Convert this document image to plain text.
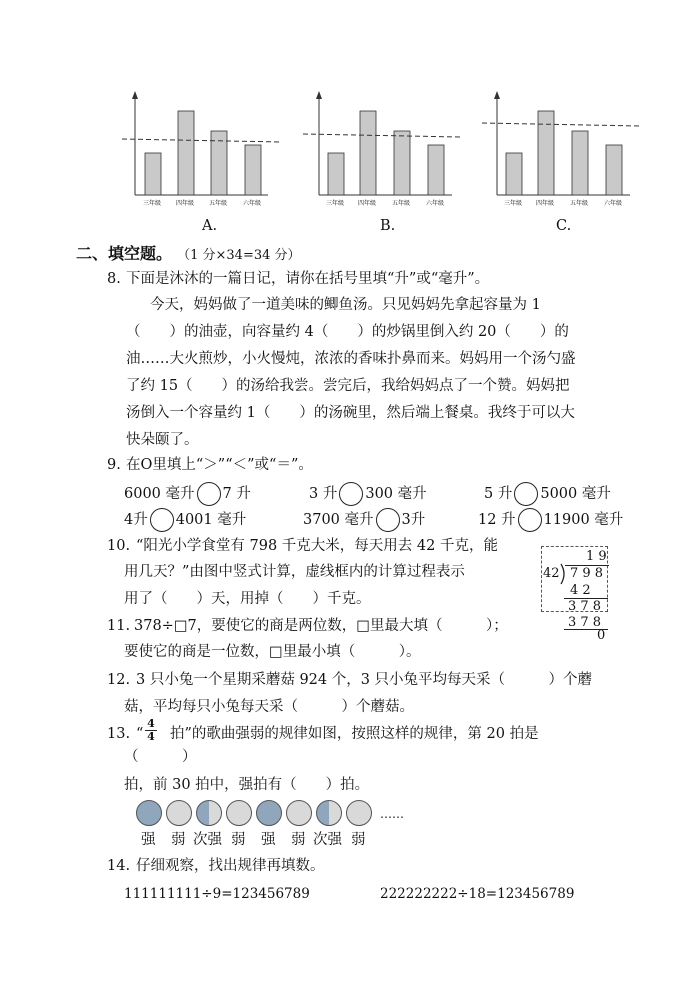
三年级 四年级 五年级	六年级	三年级 四年级	五年级	六年级	三年级 四年级	五年级	六年级
A.	B.	C.
二、填空题。 （1 分×34=34 分）
8. 下面是沐沐的一篇日记，请你在括号里填“升”或“毫升”。
今天，妈妈做了一道美味的鲫鱼汤。只见妈妈先拿起容量为 1
（　　）的油壶，向容量约 4（　　）的炒锅里倒入约 20（　　）的
油……大火煎炒，小火慢炖，浓浓的香味扑鼻而来。妈妈用一个汤勺盛
了约 15（　　）的汤给我尝。尝完后，我给妈妈点了一个赞。妈妈把
汤倒入一个容量约 1（　　）的汤碗里，然后端上餐桌。我终于可以大
快朵颐了。
9. 在O里填上“＞”“＜”或“＝”。
6000 毫升 7 升	3 升 300 毫升	5 升 5000 毫升
4升 4001 毫升	3700 毫升 3升	12 升 11900 毫升
10. “阳光小学食堂有 798 千克大米，每天用去 42 千克，能
用几天？”由图中竖式计算，虚线框内的计算过程表示
用了（　　）天，用掉（　　）千克。
1 9
42 7 9 8
4 2
3 7 8
3 7 8
0
11. 378÷□7，要使它的商是两位数，□里最大填（　　　）；
要使它的商是一位数，□里最小填（　　　）。
12. 3 只小兔一个星期采蘑菇 924 个，3 只小兔平均每天采（　　　）个蘑
菇，平均每只小兔每天采（　　　）个蘑菇。
13. “
4
4 拍”的歌曲强弱的规律如图，按照这样的规律，第 20 拍是
（　　　）
拍，前 30 拍中，强拍有（　　）拍。
……
强 弱 次强 弱 强 弱 次强 弱
14. 仔细观察，找出规律再填数。
111111111÷9=123456789	222222222÷18=123456789
